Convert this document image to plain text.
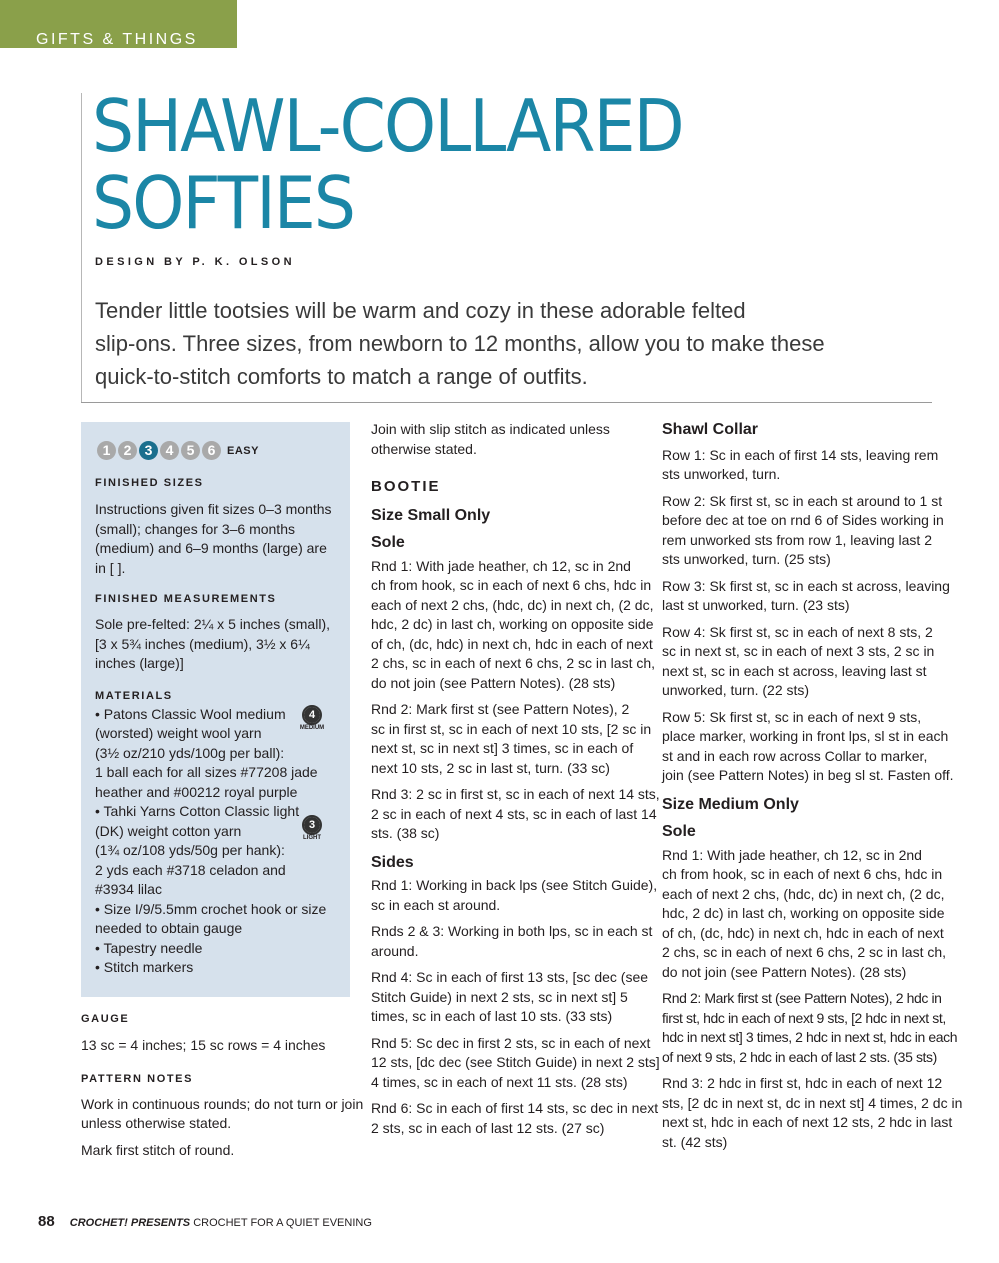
GIFTS & THINGS
SHAWL-COLLARED
SOFTIES
DESIGN BY P. K. OLSON
Tender little tootsies will be warm and cozy in these adorable felted
slip-ons. Three sizes, from newborn to 12 months, allow you to make these
quick-to-stitch comforts to match a range of outfits.
1 2 3 4 5 6	EASY

FINISHED SIZES

Instructions given fit sizes 0–3 months

(small); changes for 3–6 months

(medium) and 6–9 months (large) are

in [ ].

FINISHED MEASUREMENTS

Sole pre-felted: 2¼ x 5 inches (small),

[3 x 5¾ inches (medium), 3½ x 6¼

inches (large)]

MATERIALS

• Patons Classic Wool medium

(worsted) weight wool yarn

(3½ oz/210 yds/100g per ball):

1 ball each for all sizes #77208 jade

heather and #00212 royal purple

• Tahki Yarns Cotton Classic light

(DK) weight cotton yarn

(1¾ oz/108 yds/50g per hank):

2 yds each #3718 celadon and

#3934 lilac

• Size I/9/5.5mm crochet hook or size

needed to obtain gauge

• Tapestry needle

• Stitch markers

4
MEDIUM
3
LIGHT

GAUGE

13 sc = 4 inches; 15 sc rows = 4 inches

PATTERN NOTES

Work in continuous rounds; do not turn or join

unless otherwise stated.

Mark first stitch of round.

Join with slip stitch as indicated unless

otherwise stated.

BOOTIE

Size Small Only

Sole

Rnd 1: With jade heather, ch 12, sc in 2nd

ch from hook, sc in each of next 6 chs, hdc in

each of next 2 chs, (hdc, dc) in next ch, (2 dc,

hdc, 2 dc) in last ch, working on opposite side

of ch, (dc, hdc) in next ch, hdc in each of next

2 chs, sc in each of next 6 chs, 2 sc in last ch,

do not join (see Pattern Notes). (28 sts)

Rnd 2: Mark first st (see Pattern Notes), 2

sc in first st, sc in each of next 10 sts, [2 sc in

next st, sc in next st] 3 times, sc in each of

next 10 sts, 2 sc in last st, turn. (33 sc)

Rnd 3: 2 sc in first st, sc in each of next 14 sts,

2 sc in each of next 4 sts, sc in each of last 14

sts. (38 sc)

Sides

Rnd 1: Working in back lps (see Stitch Guide),

sc in each st around.

Rnds 2 & 3: Working in both lps, sc in each st

around.

Rnd 4: Sc in each of first 13 sts, [sc dec (see

Stitch Guide) in next 2 sts, sc in next st] 5

times, sc in each of last 10 sts. (33 sts)

Rnd 5: Sc dec in first 2 sts, sc in each of next

12 sts, [dc dec (see Stitch Guide) in next 2 sts]

4 times, sc in each of next 11 sts. (28 sts)

Rnd 6: Sc in each of first 14 sts, sc dec in next

2 sts, sc in each of last 12 sts. (27 sc)

Shawl Collar

Row 1: Sc in each of first 14 sts, leaving rem

sts unworked, turn.

Row 2: Sk first st, sc in each st around to 1 st

before dec at toe on rnd 6 of Sides working in

rem unworked sts from row 1, leaving last 2

sts unworked, turn. (25 sts)

Row 3: Sk first st, sc in each st across, leaving

last st unworked, turn. (23 sts)

Row 4: Sk first st, sc in each of next 8 sts, 2

sc in next st, sc in each of next 3 sts, 2 sc in

next st, sc in each st across, leaving last st

unworked, turn. (22 sts)

Row 5: Sk first st, sc in each of next 9 sts,

place marker, working in front lps, sl st in each

st and in each row across Collar to marker,

join (see Pattern Notes) in beg sl st. Fasten off.

Size Medium Only

Sole

Rnd 1: With jade heather, ch 12, sc in 2nd

ch from hook, sc in each of next 6 chs, hdc in

each of next 2 chs, (hdc, dc) in next ch, (2 dc,

hdc, 2 dc) in last ch, working on opposite side

of ch, (dc, hdc) in next ch, hdc in each of next

2 chs, sc in each of next 6 chs, 2 sc in last ch,

do not join (see Pattern Notes). (28 sts)

Rnd 2: Mark first st (see Pattern Notes), 2 hdc in

first st, hdc in each of next 9 sts, [2 hdc in next st,

hdc in next st] 3 times, 2 hdc in next st, hdc in each

of next 9 sts, 2 hdc in each of last 2 sts. (35 sts)

Rnd 3: 2 hdc in first st, hdc in each of next 12

sts, [2 dc in next st, dc in next st] 4 times, 2 dc in

next st, hdc in each of next 12 sts, 2 hdc in last

st. (42 sts)

88 CROCHET! PRESENTS CROCHET FOR A QUIET EVENING
